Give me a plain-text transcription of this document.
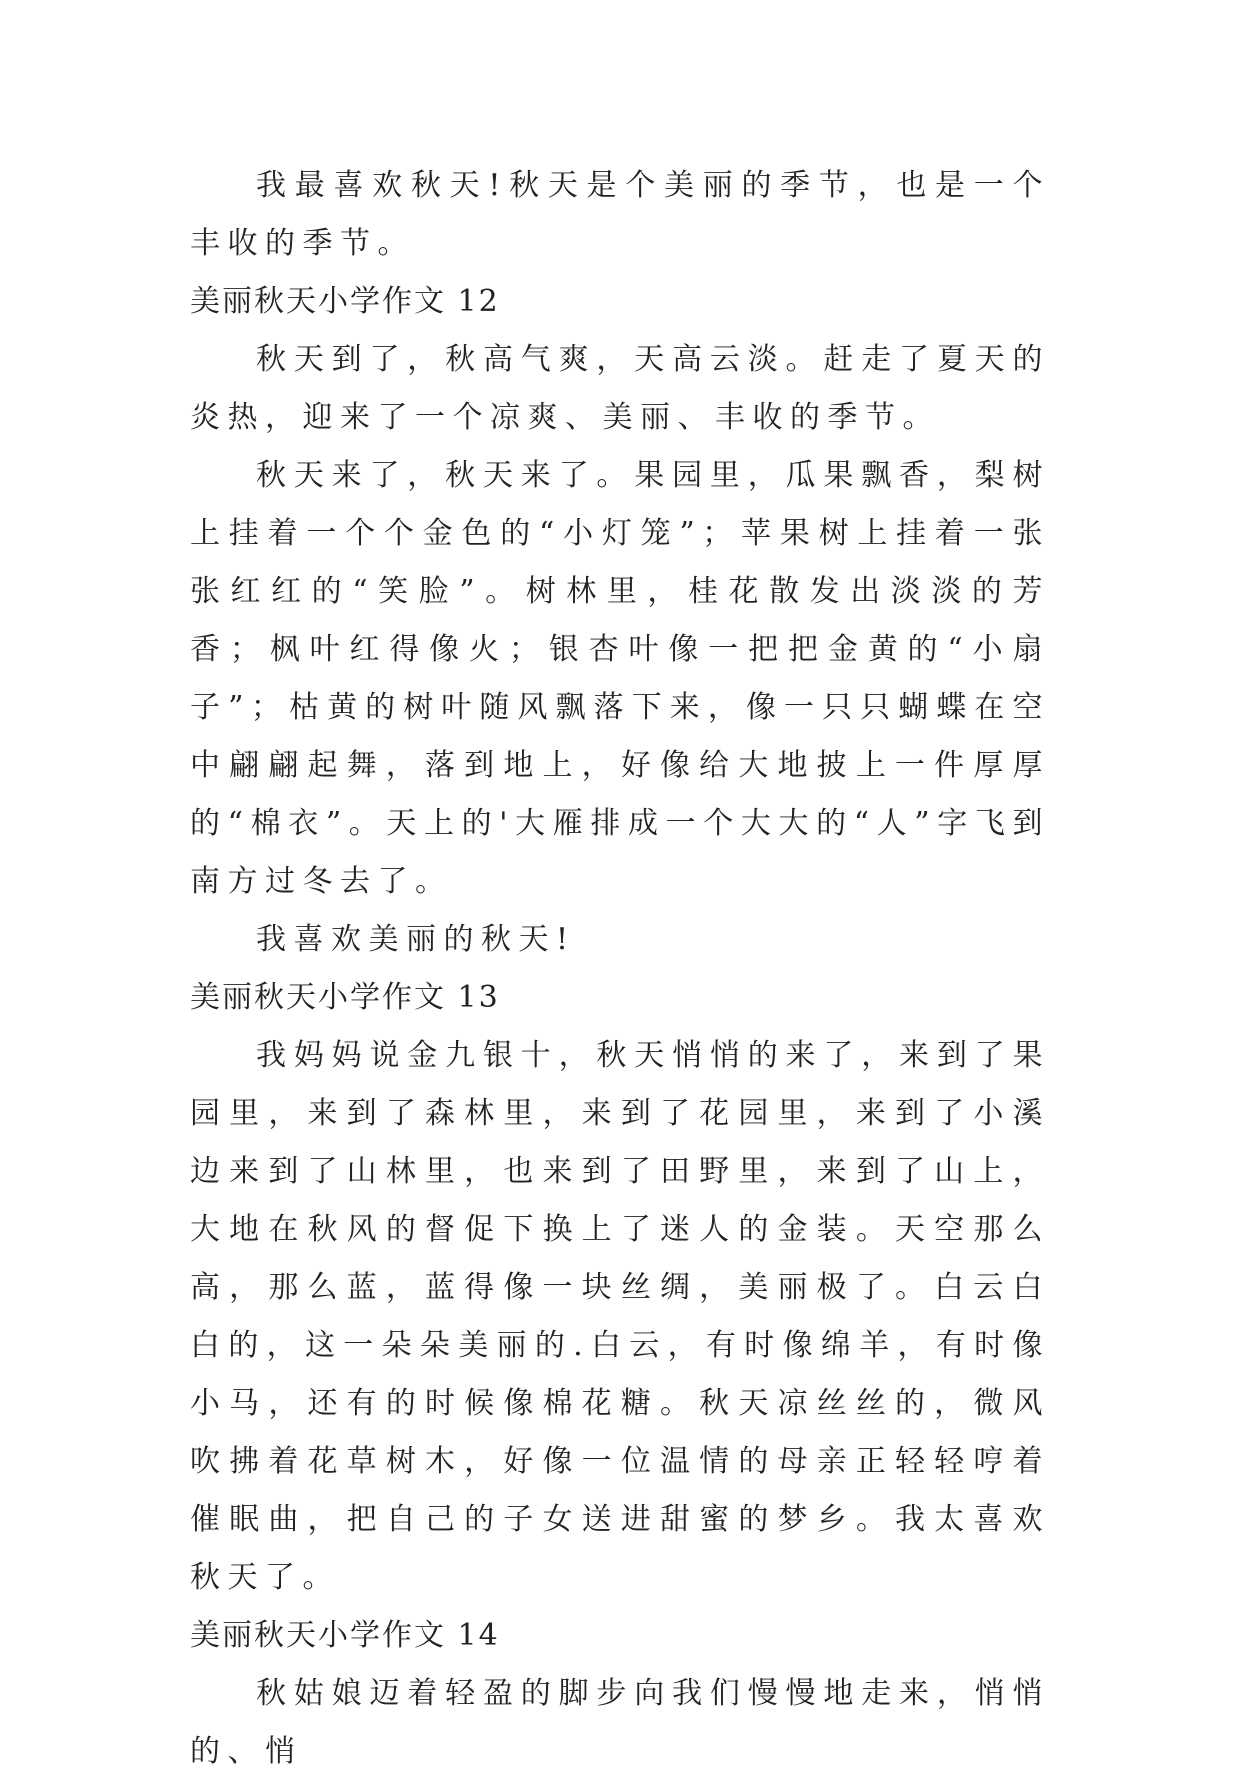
我最喜欢秋天!秋天是个美丽的季节，也是一个丰收的季节。

美丽秋天小学作文 12

秋天到了，秋高气爽，天高云淡。赶走了夏天的炎热，迎来了一个凉爽、美丽、丰收的季节。

秋天来了，秋天来了。果园里，瓜果飘香，梨树上挂着一个个金色的“小灯笼”；苹果树上挂着一张张红红的“笑脸”。树林里，桂花散发出淡淡的芳香；枫叶红得像火；银杏叶像一把把金黄的“小扇子”；枯黄的树叶随风飘落下来，像一只只蝴蝶在空中翩翩起舞，落到地上，好像给大地披上一件厚厚的“棉衣”。天上的'大雁排成一个大大的“人”字飞到南方过冬去了。

我喜欢美丽的秋天!

美丽秋天小学作文 13

我妈妈说金九银十，秋天悄悄的来了，来到了果园里，来到了森林里，来到了花园里，来到了小溪边来到了山林里，也来到了田野里，来到了山上，大地在秋风的督促下换上了迷人的金装。天空那么高，那么蓝，蓝得像一块丝绸，美丽极了。白云白白的，这一朵朵美丽的.白云，有时像绵羊，有时像小马，还有的时候像棉花糖。秋天凉丝丝的，微风吹拂着花草树木，好像一位温情的母亲正轻轻哼着催眠曲，把自己的子女送进甜蜜的梦乡。我太喜欢秋天了。

美丽秋天小学作文 14

秋姑娘迈着轻盈的脚步向我们慢慢地走来，悄悄的、悄
